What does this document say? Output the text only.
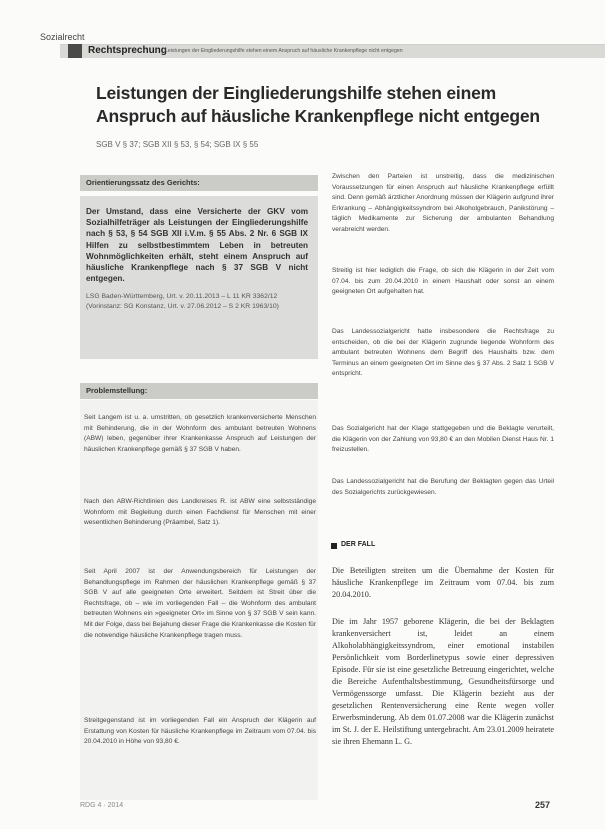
Sozialrecht
Rechtsprechung
Leistungen der Eingliederungshilfe stehen einem Anspruch auf häusliche Krankenpflege nicht entgegen
Leistungen der Eingliederungshilfe stehen einem Anspruch auf häusliche Krankenpflege nicht entgegen
SGB V § 37; SGB XII § 53, § 54; SGB IX § 55
Orientierungssatz des Gerichts:

Der Umstand, dass eine Versicherte der GKV vom Sozialhilfeträger als Leistungen der Eingliederungshilfe nach § 53, § 54 SGB XII i.V.m. § 55 Abs. 2 Nr. 6 SGB IX Hilfen zu selbstbestimmtem Leben in betreuten Wohnmöglichkeiten erhält, steht einem Anspruch auf häusliche Krankenpflege nach § 37 SGB V nicht entgegen.

LSG Baden-Württemberg, Urt. v. 20.11.2013 – L 11 KR 3362/12 (Vorinstanz: SG Konstanz, Urt. v. 27.06.2012 – S 2 KR 1963/10)

Problemstellung:

Seit Langem ist u. a. umstritten, ob gesetzlich krankenversicherte Menschen mit Behinderung, die in der Wohnform des ambulant betreuten Wohnens (ABW) leben, gegenüber ihrer Krankenkasse Anspruch auf Leistungen der häuslichen Krankenpflege gemäß § 37 SGB V haben.

Nach den ABW-Richtlinien des Landkreises R. ist ABW eine selbstständige Wohnform mit Begleitung durch einen Fachdienst für Menschen mit einer wesentlichen Behinderung (Präambel, Satz 1).

Seit April 2007 ist der Anwendungsbereich für Leistungen der Behandlungspflege im Rahmen der häuslichen Krankenpflege gemäß § 37 SGB V auf alle geeigneten Orte erweitert. Seitdem ist Streit über die Rechtsfrage, ob – wie im vorliegenden Fall – die Wohnform des ambulant betreuten Wohnens ein »geeigneter Ort« im Sinne von § 37 SGB V sein kann. Mit der Folge, dass bei Bejahung dieser Frage die Krankenkasse die Kosten für die notwendige häusliche Krankenpflege tragen muss.

Streitgegenstand ist im vorliegenden Fall ein Anspruch der Klägerin auf Erstattung von Kosten für häusliche Krankenpflege im Zeitraum vom 07.04. bis 20.04.2010 in Höhe von 93,80 €.

Zwischen den Parteien ist unstreitig, dass die medizinischen Voraussetzungen für einen Anspruch auf häusliche Krankenpflege erfüllt sind. Denn gemäß ärztlicher Anordnung müssen der Klägerin aufgrund ihrer Erkrankung – Abhängigkeitssyndrom bei Alkoholgebrauch, Panikstörung – täglich Medikamente zur Sicherung der ambulanten Behandlung verabreicht werden.

Streitig ist hier lediglich die Frage, ob sich die Klägerin in der Zeit vom 07.04. bis zum 20.04.2010 in einem Haushalt oder sonst an einem geeigneten Ort aufgehalten hat.

Das Landessozialgericht hatte insbesondere die Rechtsfrage zu entscheiden, ob die bei der Klägerin zugrunde liegende Wohnform des ambulant betreuten Wohnens dem Begriff des Haushalts bzw. dem Terminus an einem geeigneten Ort im Sinne des § 37 Abs. 2 Satz 1 SGB V entspricht.

Das Sozialgericht hat der Klage stattgegeben und die Beklagte verurteilt, die Klägerin von der Zahlung von 93,80 € an den Mobilen Dienst Haus Nr. 1 freizustellen.

Das Landessozialgericht hat die Berufung der Beklagten gegen das Urteil des Sozialgerichts zurückgewiesen.

DER FALL

Die Beteiligten streiten um die Übernahme der Kosten für häusliche Krankenpflege im Zeitraum vom 07.04. bis zum 20.04.2010.

Die im Jahr 1957 geborene Klägerin, die bei der Beklagten krankenversichert ist, leidet an einem Alkoholabhängigkeitssyndrom, einer emotional instabilen Persönlichkeit vom Borderlinetypus sowie einer depressiven Episode. Für sie ist eine gesetzliche Betreuung eingerichtet, welche die Bereiche Aufenthaltsbestimmung, Gesundheitsfürsorge und Vermögenssorge umfasst. Die Klägerin bezieht aus der gesetzlichen Rentenversicherung eine Rente wegen voller Erwerbsminderung. Ab dem 01.07.2008 war die Klägerin zunächst im St. J. der E. Heilstiftung untergebracht. Am 23.01.2009 heiratete sie ihren Ehemann L. G.

RDG 4 · 2014	257
